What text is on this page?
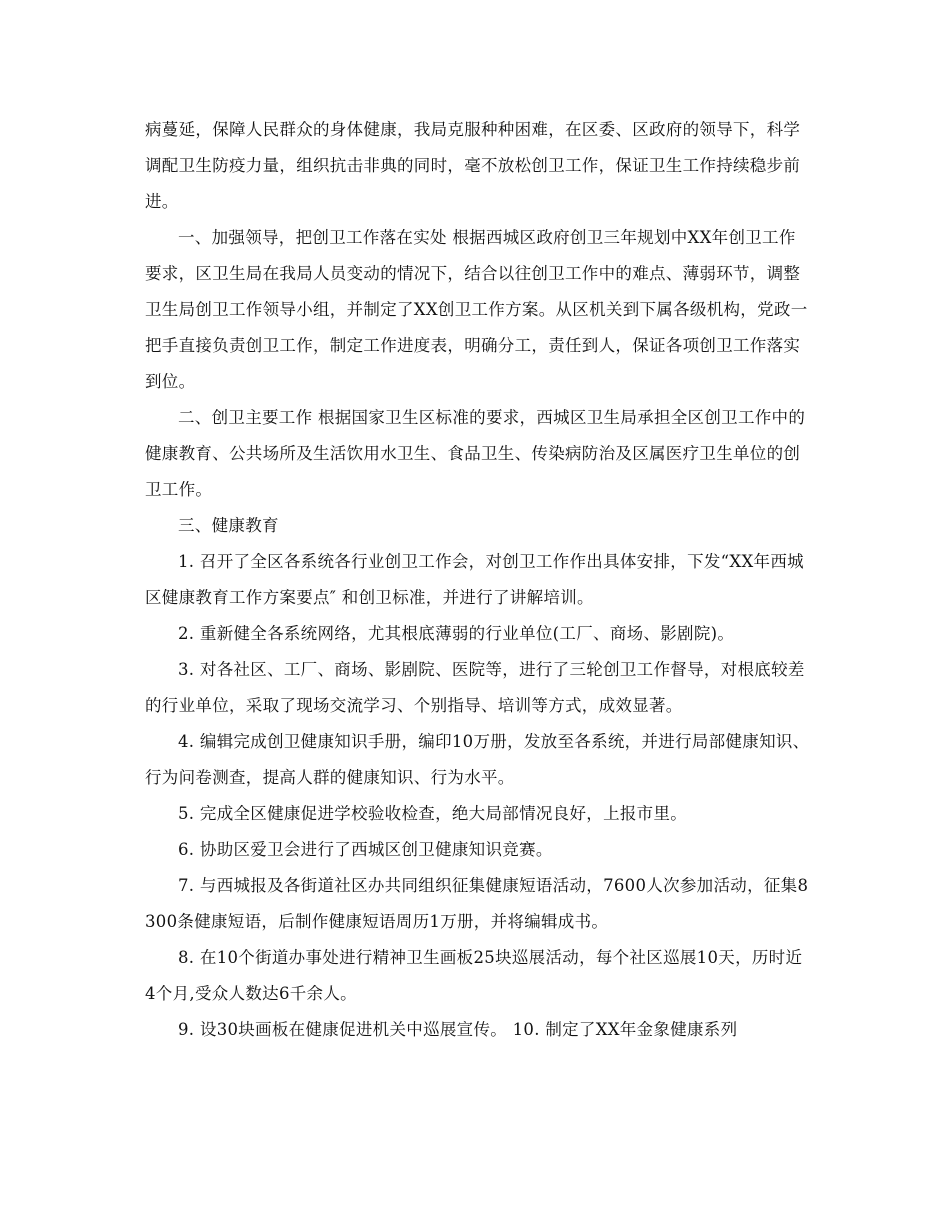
病蔓延，保障人民群众的身体健康，我局克服种种困难，在区委、区政府的领导下，科学调配卫生防疫力量，组织抗击非典的同时，毫不放松创卫工作，保证卫生工作持续稳步前进。

一、加强领导，把创卫工作落在实处 根据西城区政府创卫三年规划中XX年创卫工作要求，区卫生局在我局人员变动的情况下，结合以往创卫工作中的难点、薄弱环节，调整卫生局创卫工作领导小组，并制定了XX创卫工作方案。从区机关到下属各级机构，党政一把手直接负责创卫工作，制定工作进度表，明确分工，责任到人，保证各项创卫工作落实到位。

二、创卫主要工作 根据国家卫生区标准的要求，西城区卫生局承担全区创卫工作中的健康教育、公共场所及生活饮用水卫生、食品卫生、传染病防治及区属医疗卫生单位的创卫工作。

三、健康教育

1. 召开了全区各系统各行业创卫工作会，对创卫工作作出具体安排，下发“XX年西城区健康教育工作方案要点″ 和创卫标准，并进行了讲解培训。

2. 重新健全各系统网络，尤其根底薄弱的行业单位(工厂、商场、影剧院)。

3. 对各社区、工厂、商场、影剧院、医院等，进行了三轮创卫工作督导，对根底较差的行业单位，采取了现场交流学习、个别指导、培训等方式，成效显著。

4. 编辑完成创卫健康知识手册，编印10万册，发放至各系统，并进行局部健康知识、行为问卷测查，提高人群的健康知识、行为水平。

5. 完成全区健康促进学校验收检查，绝大局部情况良好，上报市里。

6. 协助区爱卫会进行了西城区创卫健康知识竞赛。

7. 与西城报及各街道社区办共同组织征集健康短语活动，7600人次参加活动，征集8300条健康短语，后制作健康短语周历1万册，并将编辑成书。

8. 在10个街道办事处进行精神卫生画板25块巡展活动，每个社区巡展10天，历时近4个月,受众人数达6千余人。

9. 设30块画板在健康促进机关中巡展宣传。 10. 制定了XX年金象健康系列
